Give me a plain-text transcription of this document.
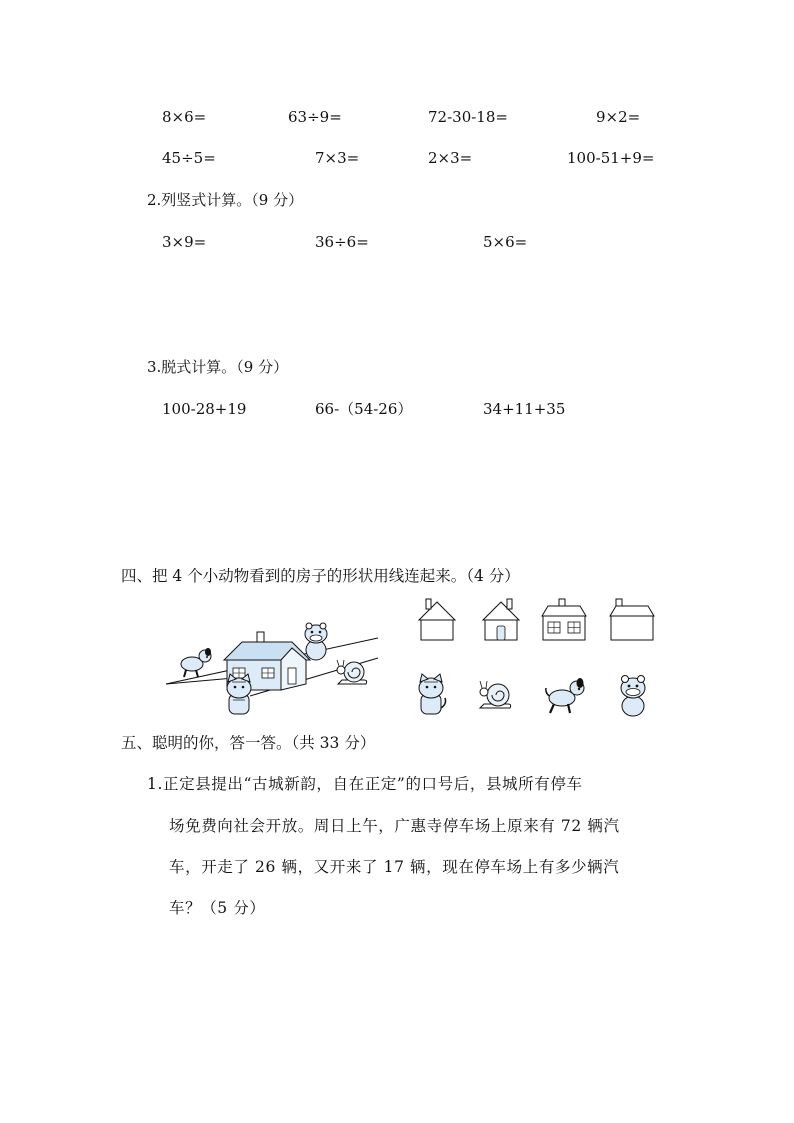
8×6=	63÷9=	72-30-18=	9×2=
45÷5=	7×3=	2×3=	100-51+9=
2.列竖式计算。（9 分）
3×9=	36÷6=	5×6=
3.脱式计算。（9 分）
100-28+19	66-（54-26）	34+11+35
四、把 4 个小动物看到的房子的形状用线连起来。（4 分）
五、聪明的你，答一答。（共 33 分）
1.正定县提出“古城新韵，自在正定”的口号后，县城所有停车
场免费向社会开放。周日上午，广惠寺停车场上原来有 72 辆汽
车，开走了 26 辆，又开来了 17 辆，现在停车场上有多少辆汽
车？（5 分）
